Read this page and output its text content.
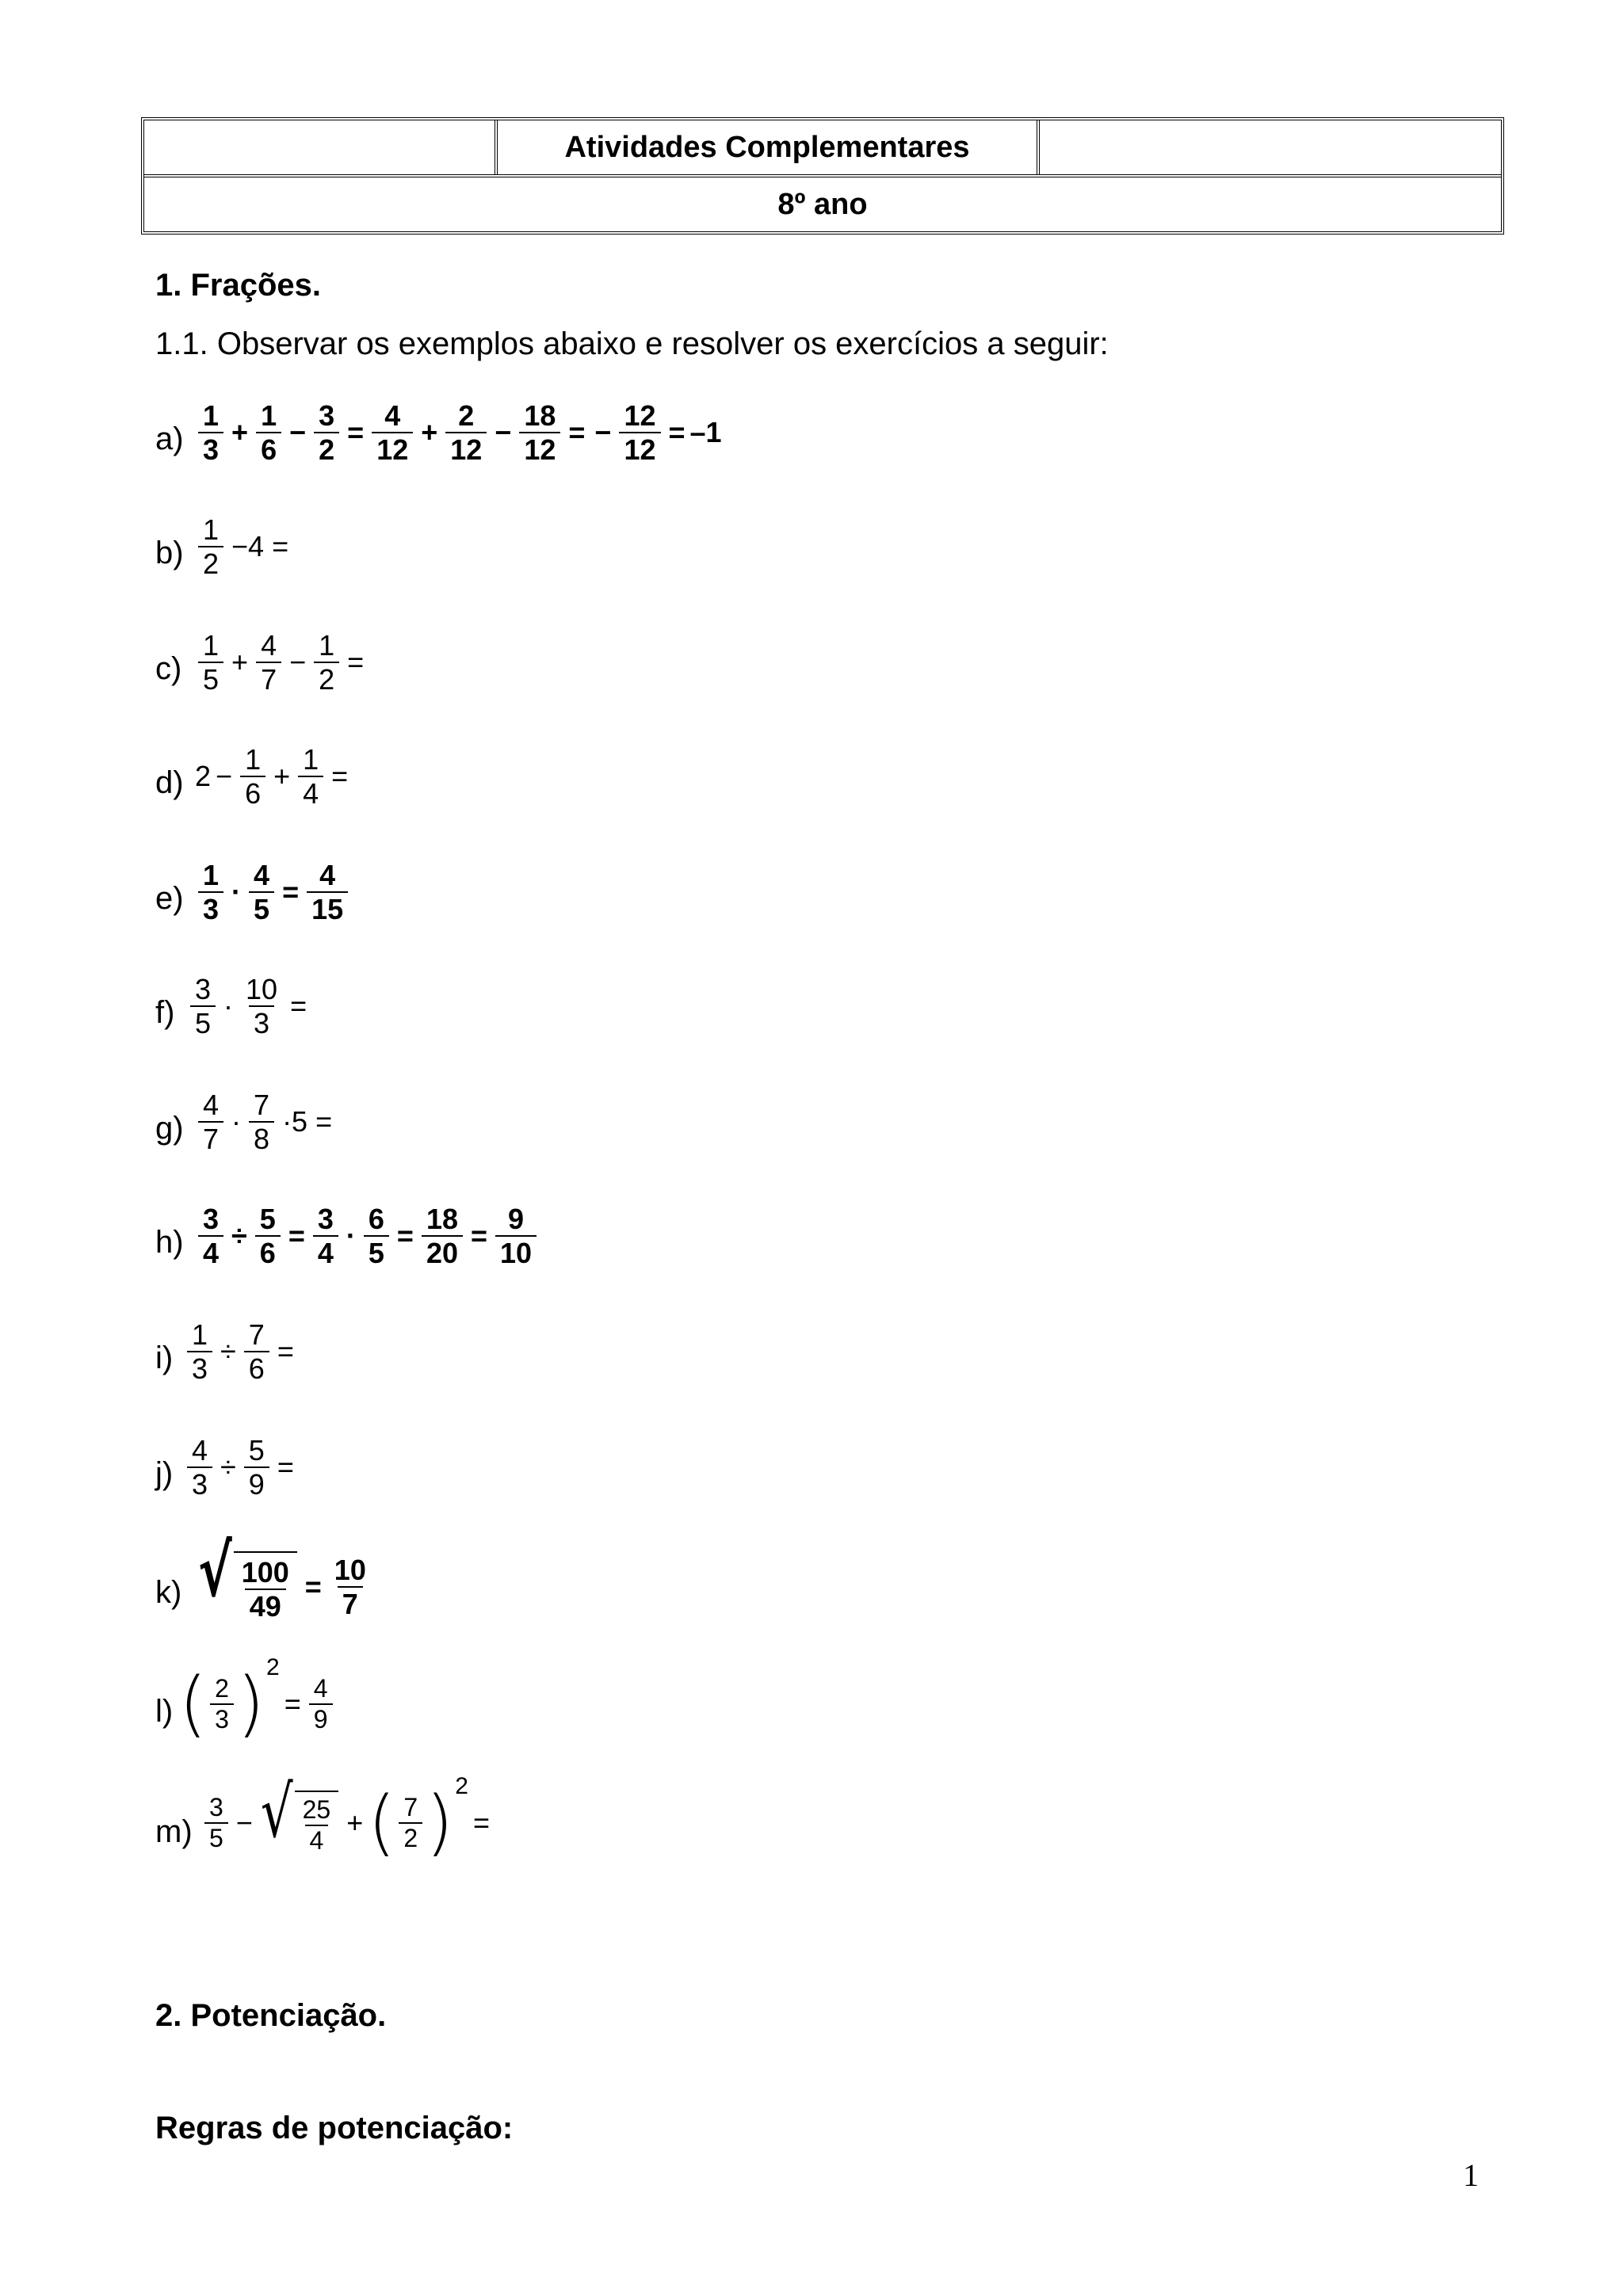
Atividades Complementares
8º ano
1. Frações.
1.1. Observar os exemplos abaixo e resolver os exercícios a seguir:
$a) \frac{1}{3} + \frac{1}{6} - \frac{3}{2} = \frac{4}{12} + \frac{2}{12} - \frac{18}{12}$ = − $\frac{12}{12} = -1$
$b) \frac{1}{2} -4$ =
$c) \frac{1}{5} + \frac{4}{7} - \frac{1}{2}$ =
d) $2 - \frac{1}{6} + \frac{1}{4}$ =
$e) \frac{1}{3} \cdot \frac{4}{5} = \frac{4}{15}$
$f) \frac{3}{5} \cdot \frac{10}{3}$ =
$g) \frac{4}{7} \cdot \frac{7}{8} \cdot 5$ =
$h) \frac{3}{4} \div \frac{5}{6} = \frac{3}{4} \cdot \frac{6}{5} = \frac{18}{20} = \frac{9}{10}$
$i) \frac{1}{3} \div \frac{7}{6}$ =
$j) \frac{4}{3} \div \frac{5}{9}$ =
k) √ $\frac{100}{49} = \frac{10}{7}$
l) ( $\frac{2}{3}$ ) 2
= $\frac{4}{9}$
$m) \frac{3}{5}$ − √ $\frac{25}{4}$ + ( $\frac{7}{2}$ ) 2
=
2. Potenciação.
Regras de potenciação:
1
